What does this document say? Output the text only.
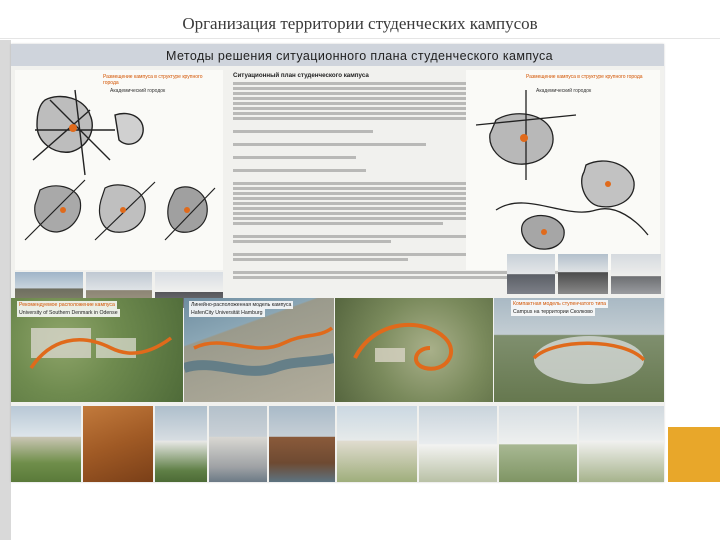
Организация территории студенческих кампусов
Методы решения ситуационного плана студенческого кампуса
Размещение кампуса в структуре крупного города
Академический городок
Ситуационный план студенческого кампуса	Размещение кампуса в структуре крупного города
Академический городок
Рекомендуемое расположение кампуса
University of Southern Denmark in Odense
Линейно-расположенная модель кампуса
HafenCity Universität Hamburg
Компактная модель ступенчатого типа
Campus на территории Сколково
